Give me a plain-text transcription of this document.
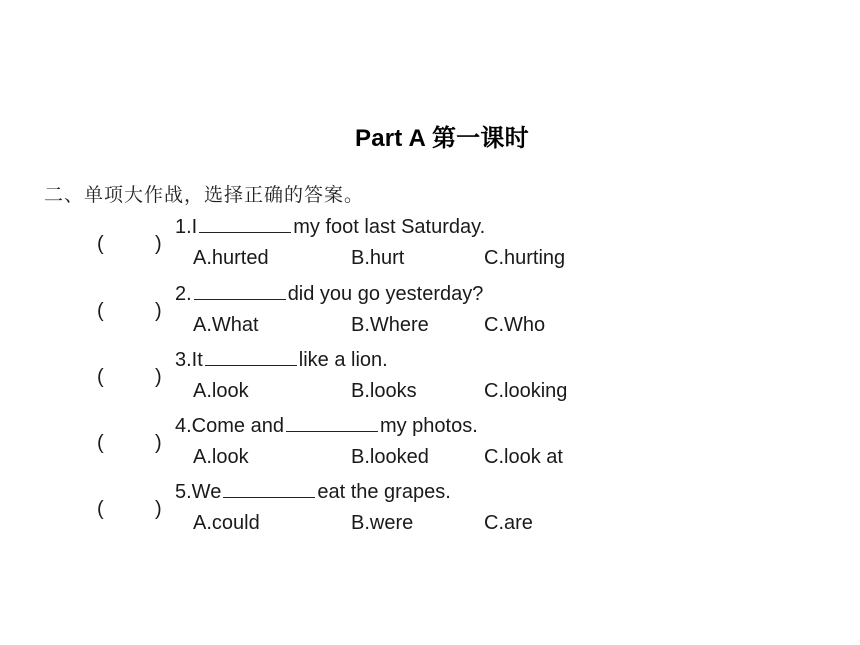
Part A 第一课时
二、单项大作战，选择正确的答案。
(	)
1.I	my foot last Saturday.
A.hurted	B.hurt	C.hurting
(	)
2.	did you go yesterday?
A.What	B.Where	C.Who
(	)
3.It	like a lion.
A.look	B.looks	C.looking
(	)
4.Come and	my photos.
A.look	B.looked	C.look at
(	)
5.We	eat the grapes.
A.could	B.were	C.are
